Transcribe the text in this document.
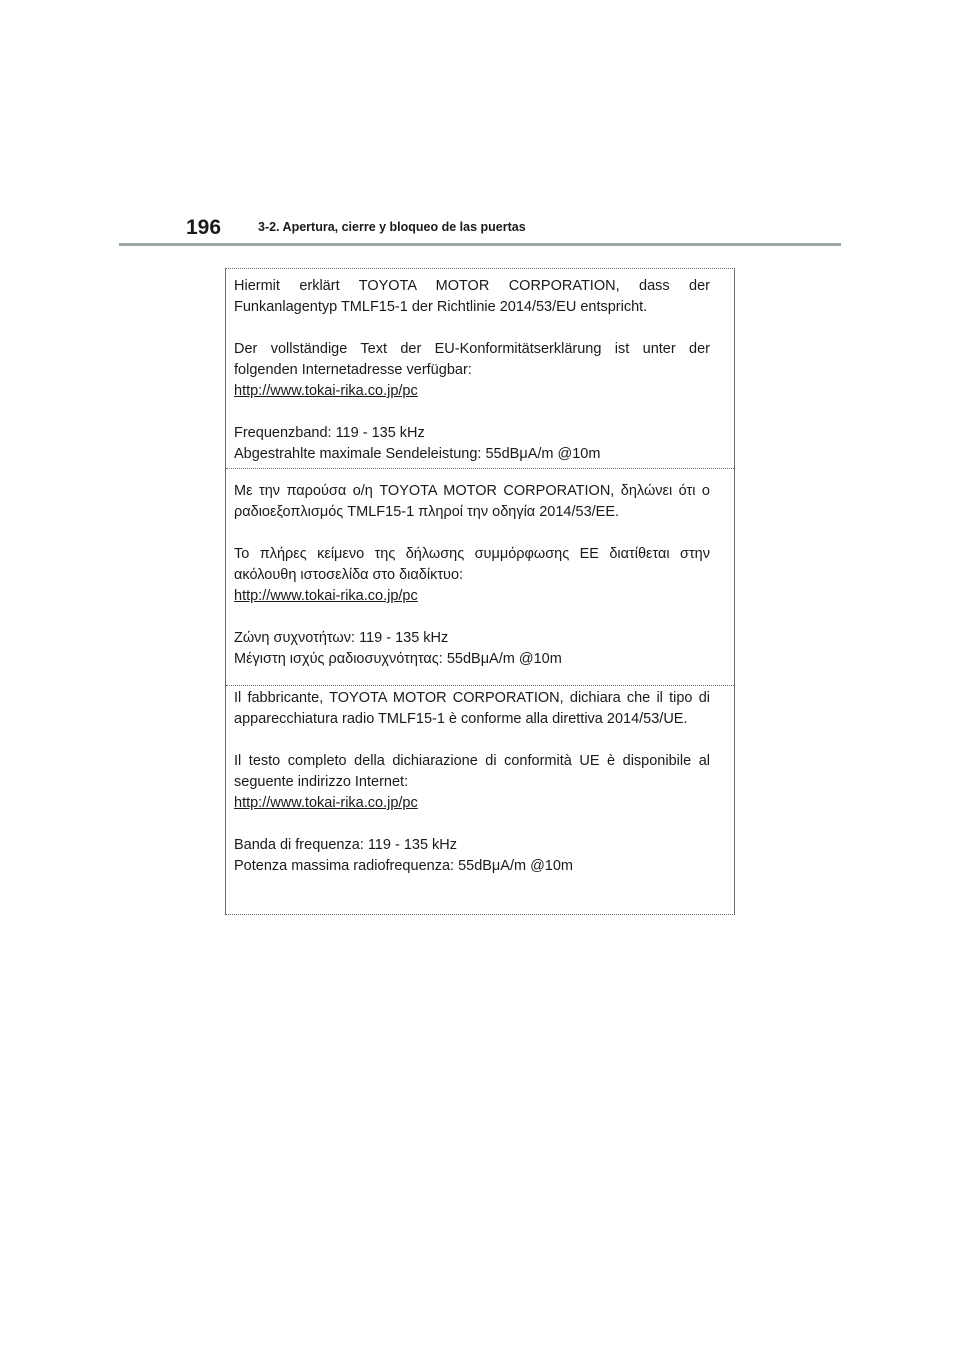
196	3-2. Apertura, cierre y bloqueo de las puertas

Hiermit erklärt TOYOTA MOTOR CORPORATION, dass der Funkanlagentyp TMLF15-1 der Richtlinie 2014/53/EU entspricht.

Der vollständige Text der EU-Konformitätserklärung ist unter der folgenden Internetadresse verfügbar:

http://www.tokai-rika.co.jp/pc

Frequenzband: 119 - 135 kHz
Abgestrahlte maximale Sendeleistung: 55dBμA/m @10m

Με την παρούσα ο/η TOYOTA MOTOR CORPORATION, δηλώνει ότι ο ραδιοεξοπλισμός TMLF15-1 πληροί την οδηγία 2014/53/ΕΕ.

Το πλήρες κείμενο της δήλωσης συμμόρφωσης ΕΕ διατίθεται στην ακόλουθη ιστοσελίδα στο διαδίκτυο:

http://www.tokai-rika.co.jp/pc

Ζώνη συχνοτήτων: 119 - 135 kHz
Μέγιστη ισχύς ραδιοσυχνότητας: 55dBμA/m @10m

Il fabbricante, TOYOTA MOTOR CORPORATION, dichiara che il tipo di apparecchiatura radio TMLF15-1 è conforme alla direttiva 2014/53/UE.

Il testo completo della dichiarazione di conformità UE è disponibile al seguente indirizzo Internet:

http://www.tokai-rika.co.jp/pc

Banda di frequenza: 119 - 135 kHz
Potenza massima radiofrequenza: 55dBμA/m @10m
